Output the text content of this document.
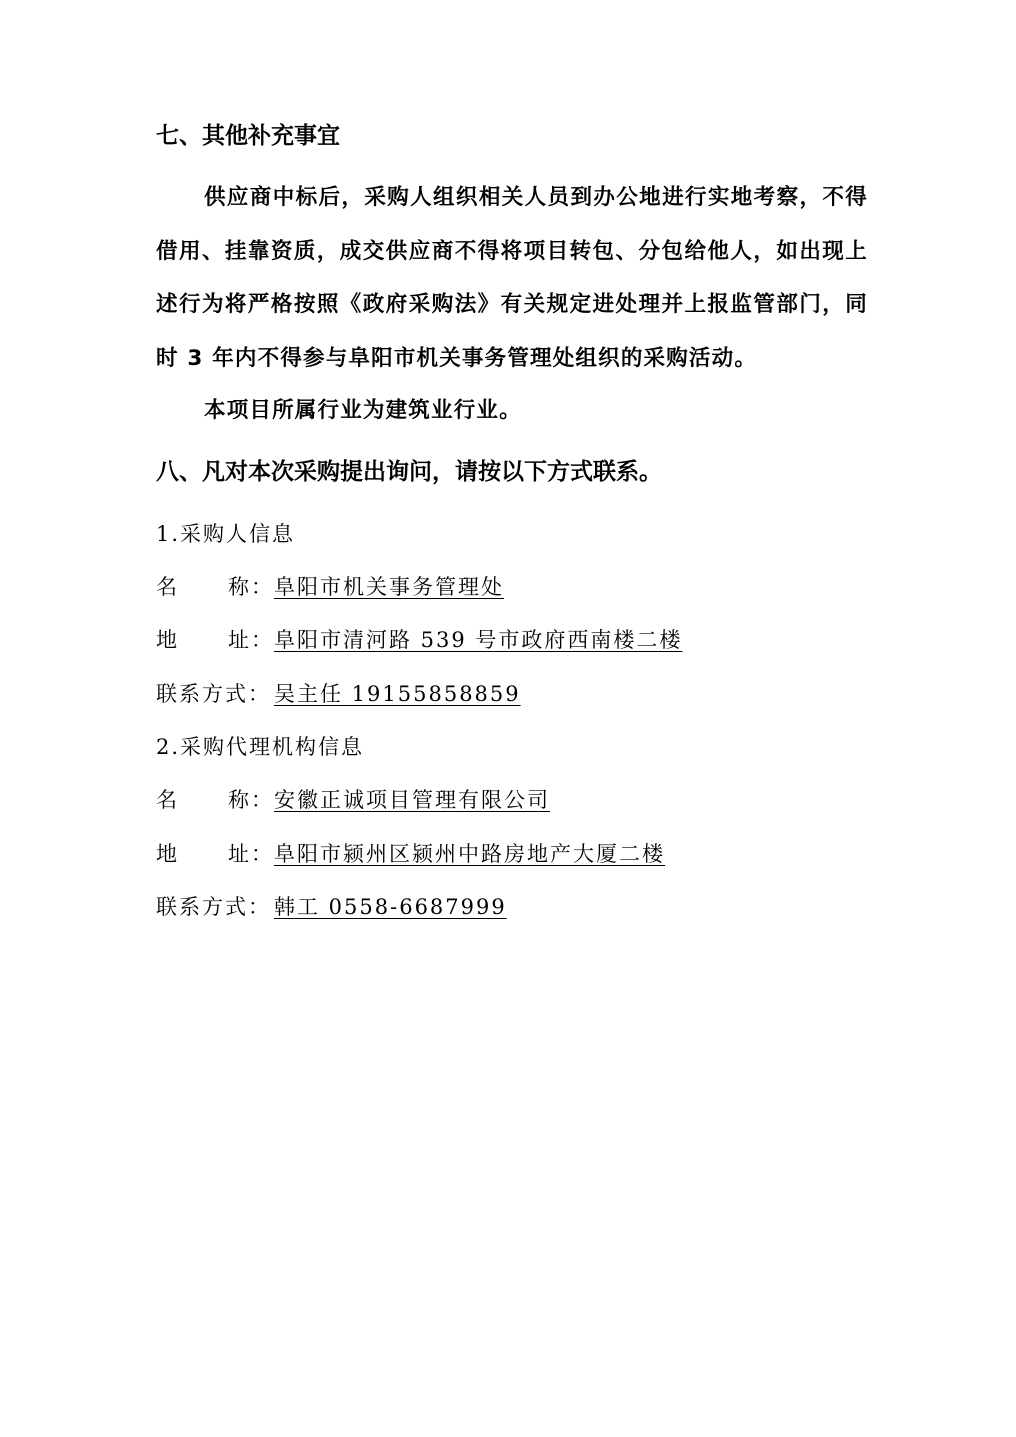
七、其他补充事宜
供应商中标后，采购人组织相关人员到办公地进行实地考察，不得借用、挂靠资质，成交供应商不得将项目转包、分包给他人，如出现上述行为将严格按照《政府采购法》有关规定进处理并上报监管部门，同时 3 年内不得参与阜阳市机关事务管理处组织的采购活动。
本项目所属行业为建筑业行业。
八、凡对本次采购提出询问，请按以下方式联系。
1.采购人信息
名 称：阜阳市机关事务管理处
地 址：阜阳市清河路 539 号市政府西南楼二楼
联系方式： 吴主任 19155858859
2.采购代理机构信息
名 称：安徽正诚项目管理有限公司
地 址：阜阳市颍州区颍州中路房地产大厦二楼
联系方式： 韩工 0558-6687999
